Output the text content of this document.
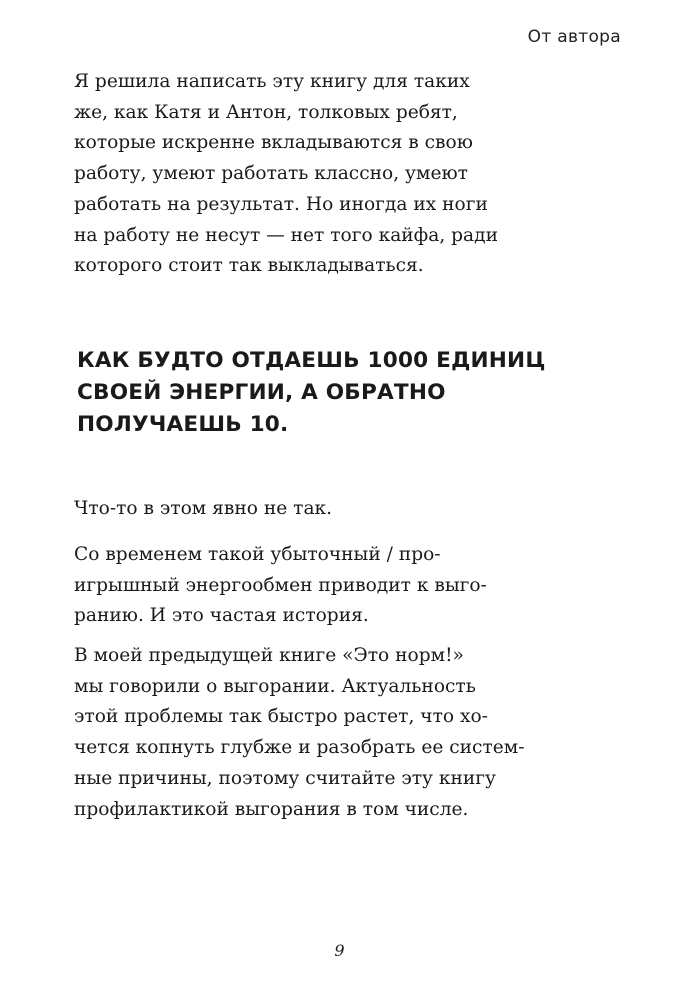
От автора
Я решила написать эту книгу для таких
же, как Катя и Антон, толковых ребят,
которые искренне вкладываются в свою
работу, умеют работать классно, умеют
работать на результат. Но иногда их ноги
на работу не несут — нет того кайфа, ради
которого стоит так выкладываться.
КАК БУДТО ОТДАЕШЬ 1000 ЕДИНИЦ
СВОЕЙ ЭНЕРГИИ, А ОБРАТНО
ПОЛУЧАЕШЬ 10.
Что-то в этом явно не так.
Со временем такой убыточный / про-
игрышный энергообмен приводит к выго-
ранию. И это частая история.
В моей предыдущей книге «Это норм!»
мы говорили о выгорании. Актуальность
этой проблемы так быстро растет, что хо-
чется копнуть глубже и разобрать ее систем-
ные причины, поэтому считайте эту книгу
профилактикой выгорания в том числе.
9
